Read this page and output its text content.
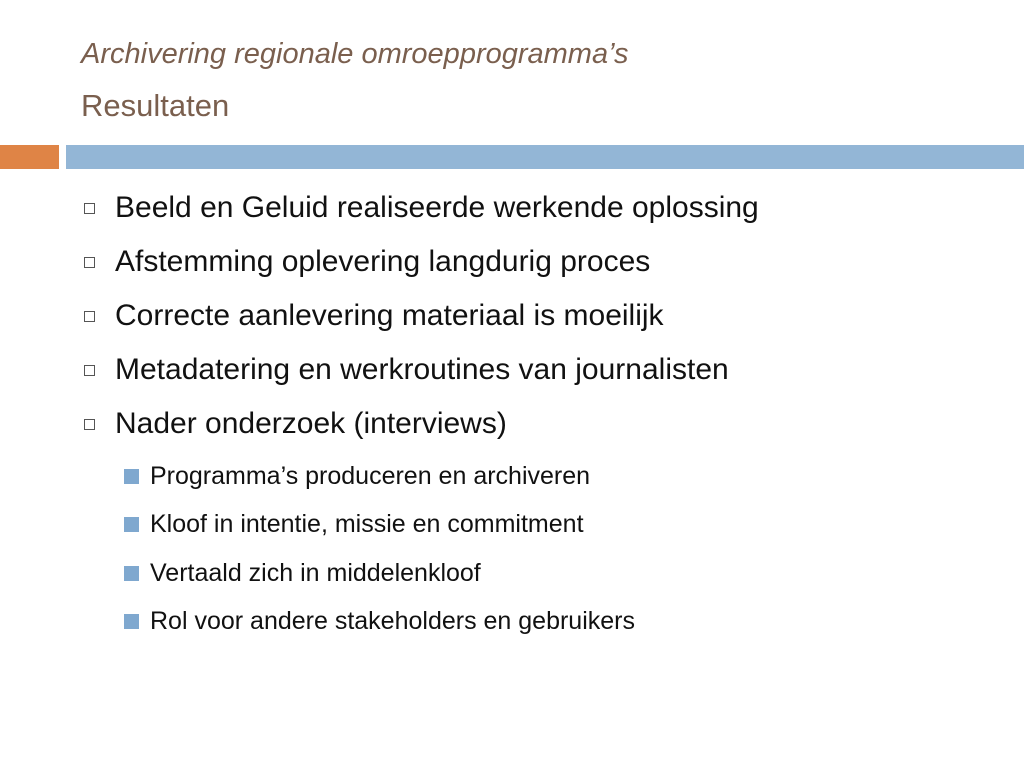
Archivering regionale omroepprogramma’s
Resultaten
Beeld en Geluid realiseerde werkende oplossing
Afstemming oplevering langdurig proces
Correcte aanlevering materiaal is moeilijk
Metadatering en werkroutines van journalisten
Nader onderzoek (interviews)
Programma’s produceren en archiveren
Kloof in intentie, missie en commitment
Vertaald zich in middelenkloof
Rol voor andere stakeholders en gebruikers
